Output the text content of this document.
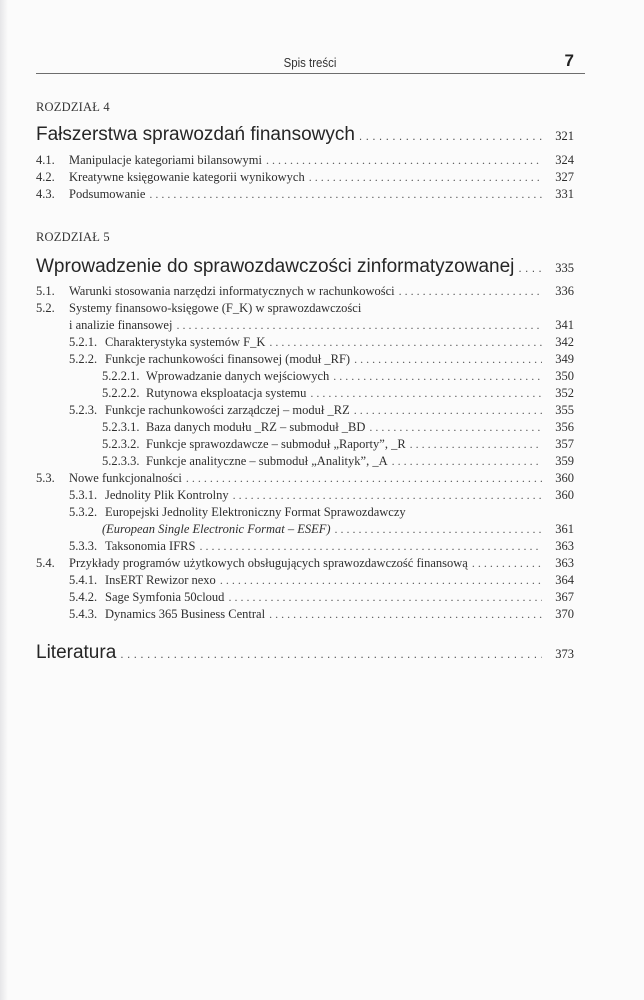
Spis treści	7
ROZDZIAŁ 4
Fałszerstwa sprawozdań finansowych . . .	321
4.1.	Manipulacje kategoriami bilansowymi . . .	324
4.2.	Kreatywne księgowanie kategorii wynikowych . . .	327
4.3.	Podsumowanie . . .	331
ROZDZIAŁ 5
Wprowadzenie do sprawozdawczości zinformatyzowanej . . .	335
5.1.	Warunki stosowania narzędzi informatycznych w rachunkowości . . .	336
5.2.	Systemy finansowo-księgowe (F_K) w sprawozdawczości
i analizie finansowej . . .	341
5.2.1. Charakterystyka systemów F_K . . .	342
5.2.2. Funkcje rachunkowości finansowej (moduł _RF) . . .	349
5.2.2.1. Wprowadzanie danych wejściowych . . .	350
5.2.2.2. Rutynowa eksploatacja systemu . . .	352
5.2.3. Funkcje rachunkowości zarządczej – moduł _RZ . . .	355
5.2.3.1. Baza danych modułu _RZ – submoduł _BD . . .	356
5.2.3.2. Funkcje sprawozdawcze – submoduł „Raporty”, _R . . .	357
5.2.3.3. Funkcje analityczne – submoduł „Analityk”, _A . . .	359
5.3.	Nowe funkcjonalności . . .	360
5.3.1. Jednolity Plik Kontrolny . . .	360
5.3.2. Europejski Jednolity Elektroniczny Format Sprawozdawczy
(European Single Electronic Format – ESEF) . . .	361
5.3.3. Taksonomia IFRS . . .	363
5.4.	Przykłady programów użytkowych obsługujących sprawozdawczość finansową . . .	363
5.4.1. InsERT Rewizor nexo . . .	364
5.4.2. Sage Symfonia 50cloud . . .	367
5.4.3. Dynamics 365 Business Central . . .	370
Literatura . . .	373
